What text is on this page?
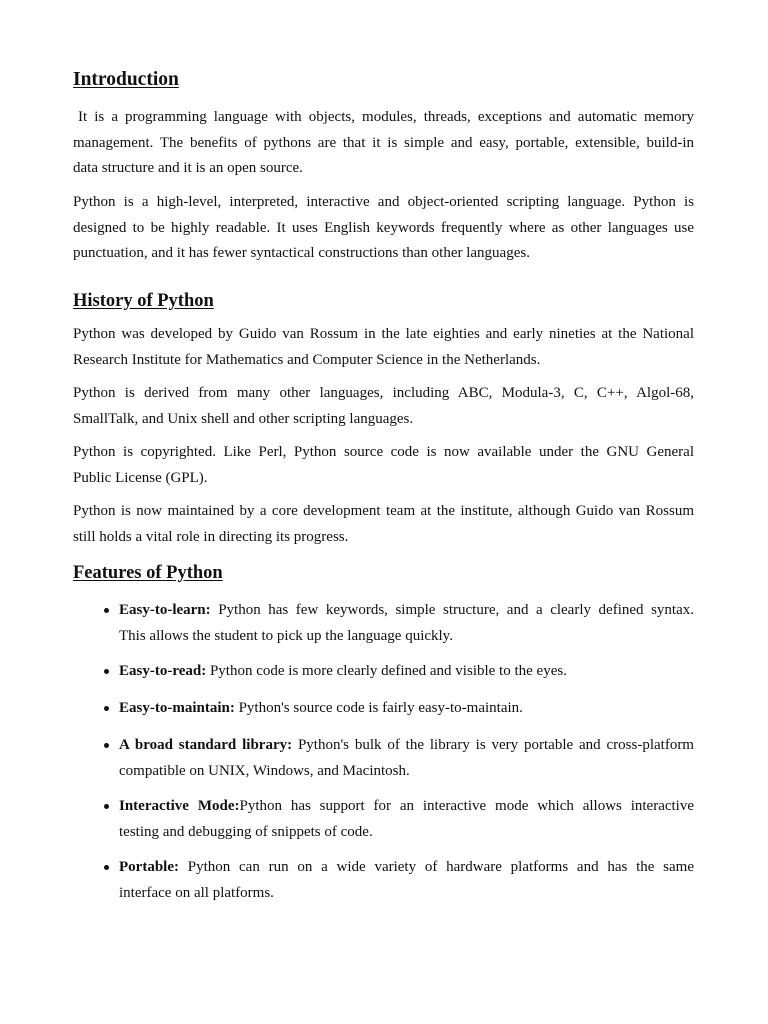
Introduction
It is a programming language with objects, modules, threads, exceptions and automatic memory
management. The benefits of pythons are that it is simple and easy, portable, extensible, build-in
data structure and it is an open source.
Python is a high-level, interpreted, interactive and object-oriented scripting language. Python is
designed to be highly readable. It uses English keywords frequently where as other languages use
punctuation, and it has fewer syntactical constructions than other languages.
History of Python
Python was developed by Guido van Rossum in the late eighties and early nineties at the National
Research Institute for Mathematics and Computer Science in the Netherlands.
Python is derived from many other languages, including ABC, Modula-3, C, C++, Algol-68,
SmallTalk, and Unix shell and other scripting languages.
Python is copyrighted. Like Perl, Python source code is now available under the GNU General
Public License (GPL).
Python is now maintained by a core development team at the institute, although Guido van Rossum
still holds a vital role in directing its progress.
Features of Python
Easy-to-learn: Python has few keywords, simple structure, and a clearly defined syntax.
This allows the student to pick up the language quickly.
Easy-to-read: Python code is more clearly defined and visible to the eyes.
Easy-to-maintain: Python's source code is fairly easy-to-maintain.
A broad standard library: Python's bulk of the library is very portable and cross-platform
compatible on UNIX, Windows, and Macintosh.
Interactive Mode:Python has support for an interactive mode which allows interactive
testing and debugging of snippets of code.
Portable: Python can run on a wide variety of hardware platforms and has the same
interface on all platforms.
